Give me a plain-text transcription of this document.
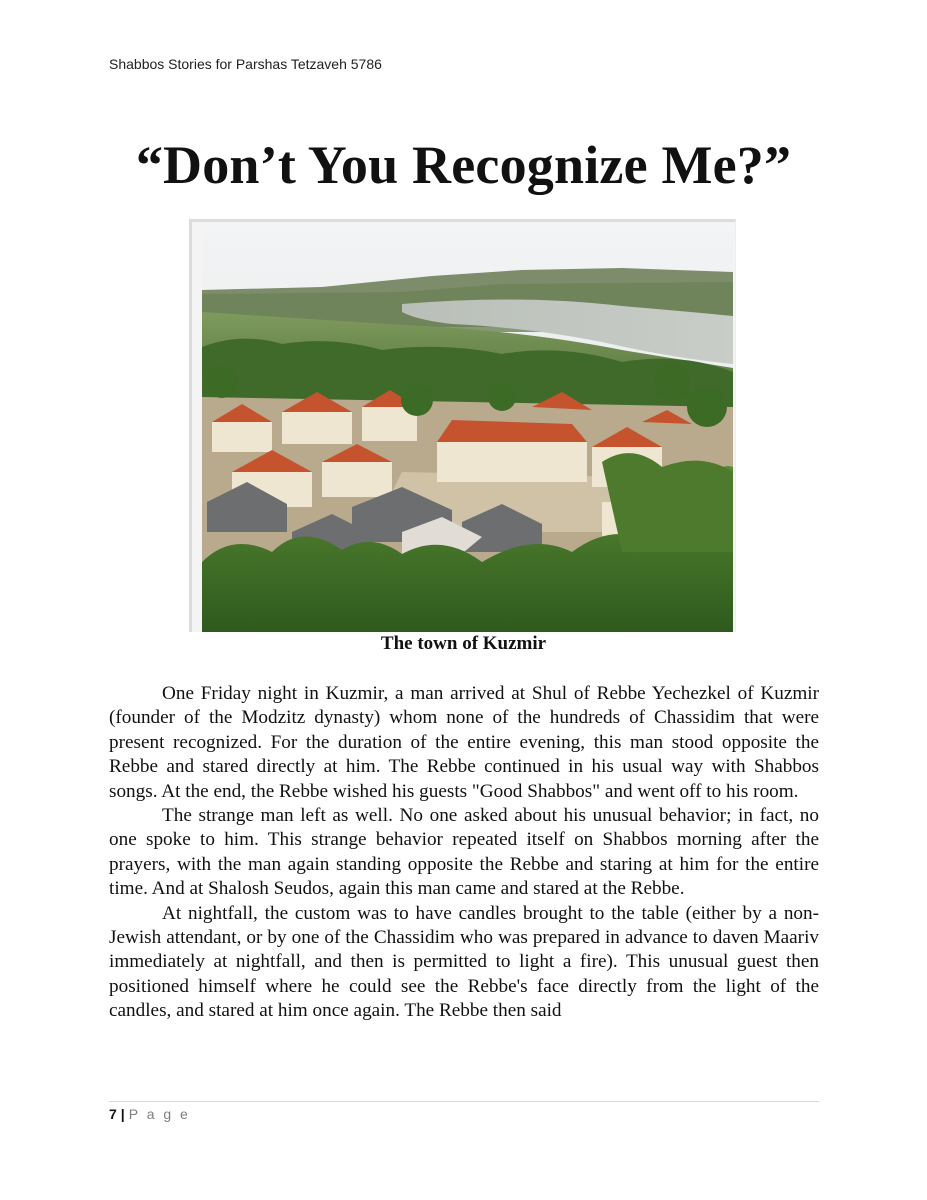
Shabbos Stories for Parshas Tetzaveh 5786
“Don’t You Recognize Me?”
The town of Kuzmir

One Friday night in Kuzmir, a man arrived at Shul of Rebbe Yechezkel of Kuzmir (founder of the Modzitz dynasty) whom none of the hundreds of Chassidim that were present recognized. For the duration of the entire evening, this man stood opposite the Rebbe and stared directly at him. The Rebbe continued in his usual way with Shabbos songs. At the end, the Rebbe wished his guests "Good Shabbos" and went off to his room.

The strange man left as well. No one asked about his unusual behavior; in fact, no one spoke to him. This strange behavior repeated itself on Shabbos morning after the prayers, with the man again standing opposite the Rebbe and staring at him for the entire time. And at Shalosh Seudos, again this man came and stared at the Rebbe.

At nightfall, the custom was to have candles brought to the table (either by a non-Jewish attendant, or by one of the Chassidim who was prepared in advance to daven Maariv immediately at nightfall, and then is permitted to light a fire). This unusual guest then positioned himself where he could see the Rebbe's face directly from the light of the candles, and stared at him once again. The Rebbe then said

7 | P a g e
